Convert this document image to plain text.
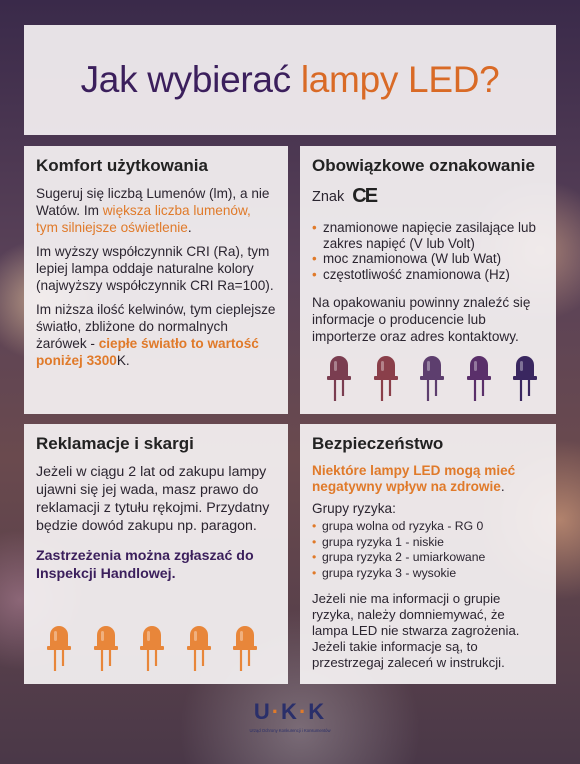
Jak wybierać lampy LED?
Komfort użytkowania

Sugeruj się liczbą Lumenów (lm), a nie Watów. Im większa liczba lumenów, tym silniejsze oświetlenie.

Im wyższy współczynnik CRI (Ra), tym lepiej lampa oddaje naturalne kolory (najwyższy współczynnik CRI Ra=100).

Im niższa ilość kelwinów, tym cieplejsze światło, zbliżone do normalnych żarówek - ciepłe światło to wartość poniżej 3300K.

Obowiązkowe oznakowanie
Znak CE
• znamionowe napięcie zasilające lub zakres napięć (V lub Volt)
• moc znamionowa (W lub Wat)
• częstotliwość znamionowa (Hz)

Na opakowaniu powinny znaleźć się informacje o producencie lub importerze oraz adres kontaktowy.

Reklamacje i skargi

Jeżeli w ciągu 2 lat od zakupu lampy ujawni się jej wada, masz prawo do reklamacji z tytułu rękojmi. Przydatny będzie dowód zakupu np. paragon.

Zastrzeżenia można zgłaszać do Inspekcji Handlowej.

Bezpieczeństwo

Niektóre lampy LED mogą mieć negatywny wpływ na zdrowie.

Grupy ryzyka:

• grupa wolna od ryzyka - RG 0
• grupa ryzyka 1 - niskie
• grupa ryzyka 2 - umiarkowane
• grupa ryzyka 3 - wysokie

Jeżeli nie ma informacji o grupie ryzyka, należy domniemywać, że lampa LED nie stwarza zagrożenia. Jeżeli takie informacje są, to przestrzegaj zaleceń w instrukcji.

U·K·K
Urząd Ochrony Konkurencji i Konsumentów
